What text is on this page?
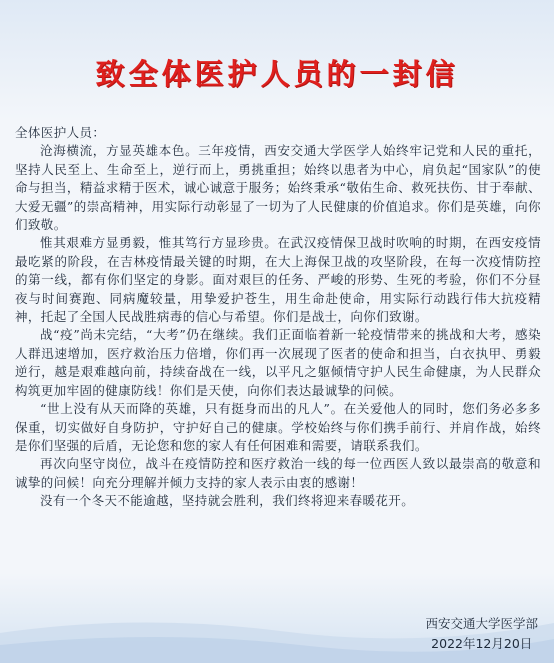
致全体医护人员的一封信

全体医护人员：

沧海横流，方显英雄本色。三年疫情，西安交通大学医学人始终牢记党和人民的重托，坚持人民至上、生命至上，逆行而上，勇挑重担；始终以患者为中心，肩负起“国家队”的使命与担当，精益求精于医术，诚心诚意于服务；始终秉承“敬佑生命、救死扶伤、甘于奉献、大爱无疆”的崇高精神，用实际行动彰显了一切为了人民健康的价值追求。你们是英雄，向你们致敬。

惟其艰难方显勇毅，惟其笃行方显珍贵。在武汉疫情保卫战时吹响的时期，在西安疫情最吃紧的阶段，在吉林疫情最关键的时期，在大上海保卫战的攻坚阶段，在每一次疫情防控的第一线，都有你们坚定的身影。面对艰巨的任务、严峻的形势、生死的考验，你们不分昼夜与时间赛跑、同病魔较量，用挚爱护苍生，用生命赴使命，用实际行动践行伟大抗疫精神，托起了全国人民战胜病毒的信心与希望。你们是战士，向你们致谢。

战“疫”尚未完结，“大考”仍在继续。我们正面临着新一轮疫情带来的挑战和大考，感染人群迅速增加，医疗救治压力倍增，你们再一次展现了医者的使命和担当，白衣执甲、勇毅逆行，越是艰难越向前，持续奋战在一线，以平凡之躯倾情守护人民生命健康，为人民群众构筑更加牢固的健康防线！你们是天使，向你们表达最诚挚的问候。

“世上没有从天而降的英雄，只有挺身而出的凡人”。在关爱他人的同时，您们务必多多保重，切实做好自身防护，守护好自己的健康。学校始终与你们携手前行、并肩作战，始终是你们坚强的后盾，无论您和您的家人有任何困难和需要，请联系我们。

再次向坚守岗位，战斗在疫情防控和医疗救治一线的每一位西医人致以最崇高的敬意和诚挚的问候！向充分理解并倾力支持的家人表示由衷的感谢！

没有一个冬天不能逾越，坚持就会胜利，我们终将迎来春暖花开。

西安交通大学医学部
2022年12月20日
